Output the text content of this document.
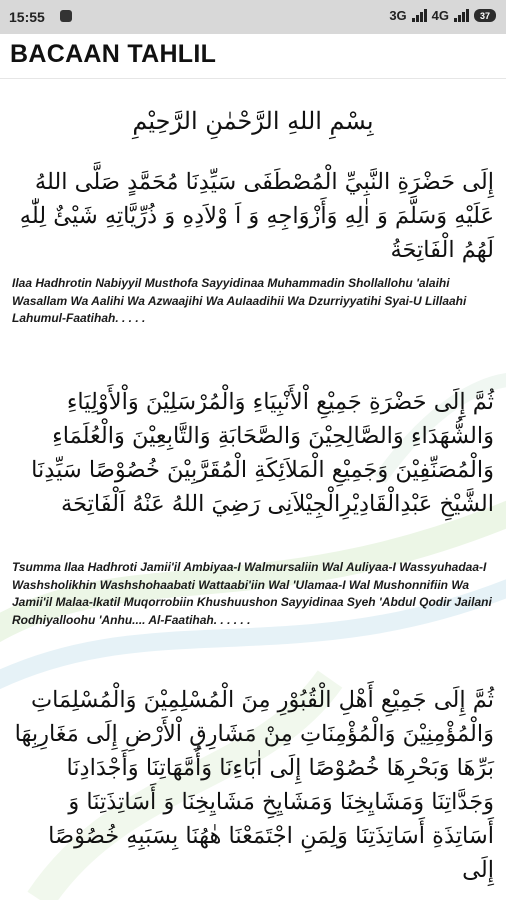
15:55	3G 4G	37
BACAAN TAHLIL
بِسْمِ اللهِ الرَّحْمٰنِ الرَّحِيْمِ
إِلَى حَضْرَةِ النَّبِيِّ الْمُصْطَفَى سَيِّدِنَا مُحَمَّدٍ صَلَّى اللهُ عَلَيْهِ وَسَلَّمَ وَ اٰلِهِ وَأَزْوَاجِهِ وَ اَ وْلاَدِهِ وَ ذُرِّيَّاتِهِ شَيْئٌ لِلّٰهِ لَهُمُ الْفَاتِحَةُ
Ilaa Hadhrotin Nabiyyil Musthofa Sayyidinaa Muhammadin Shollallohu 'alaihi Wasallam Wa Aalihi Wa Azwaajihi Wa Aulaadihii Wa Dzurriyyatihi Syai-U Lillaahi Lahumul-Faatihah. . . . .
ثُمَّ إِلَى حَضْرَةِ جَمِيْعِ اْلأَنْبِيَاءِ وَالْمُرْسَلِيْنَ وَاْلأَوْلِيَاءِ وَالشُّهَدَاءِ وَالصَّالِحِيْنَ وَالصَّحَابَةِ وَالتَّابِعِيْنَ وَالْعُلَمَاءِ وَالْمُصَنِّفِيْنَ وَجَمِيْعِ الْمَلاَئِكَةِ الْمُقَرَّبِيْنَ خُصُوْصًا سَيِّدِنَا الشَّيْخِ عَبْدِالْقَادِيْرِالْجِيْلاَنِى رَضِيَ اللهُ عَنْهُ اَلْفَاتِحَة
Tsumma Ilaa Hadhroti Jamii'il Ambiyaa-I Walmursaliin Wal Auliyaa-I Wassyuhadaa-I Washsholikhin Washshohaabati Wattaabi'iin Wal 'Ulamaa-I Wal Mushonnifiin Wa Jamii'il Malaa-Ikatil Muqorrobiin Khushuushon Sayyidinaa Syeh 'Abdul Qodir Jailani Rodhiyalloohu 'Anhu.... Al-Faatihah. . . . . .
ثُمَّ إِلَى جَمِيْعِ أَهْلِ الْقُبُوْرِ مِنَ الْمُسْلِمِيْنَ وَالْمُسْلِمَاتِ وَالْمُؤْمِنِيْنَ وَالْمُؤْمِنَاتِ مِنْ مَشَارِقِ اْلأَرْضِ إِلَى مَغَارِبِهَا بَرِّهَا وَبَحْرِهَا خُصُوْصًا إِلَى اٰبَاءِنَا وَأُمَّهَاتِنَا وَأَجْدَادِنَا وَجَدَّاتِنَا وَمَشَايِخِنَا وَمَشَايِخِ مَشَايِخِنَا وَ أَسَاتِذَتِنَا وَ أَسَاتِذَةِ أَسَاتِذَتِنَا وَلِمَنِ اجْتَمَعْنَا هٰهُنَا بِسَبَبِهِ خُصُوْصًا إِلَى
